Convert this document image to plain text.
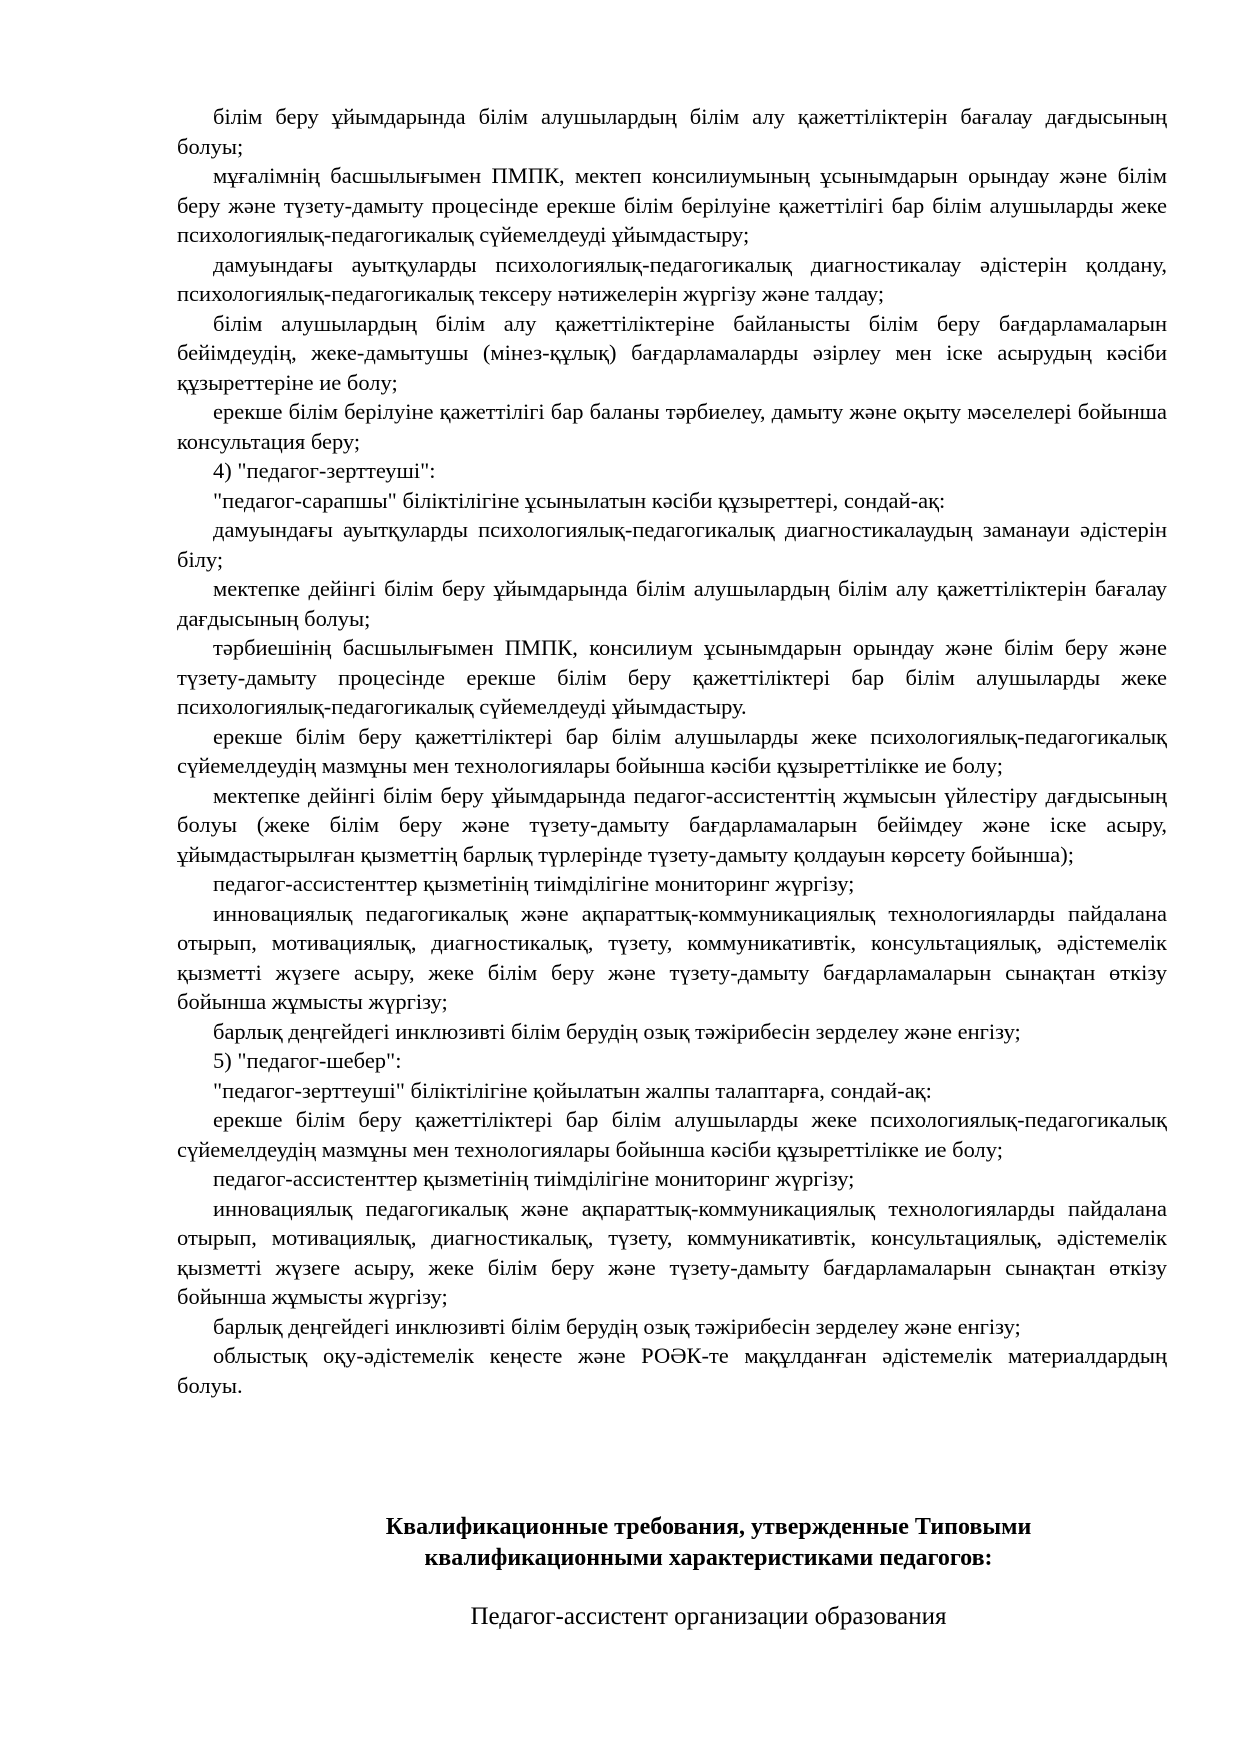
білім беру ұйымдарында білім алушылардың білім алу қажеттіліктерін бағалау дағдысының болуы;

мұғалімнің басшылығымен ПМПК, мектеп консилиумының ұсынымдарын орындау және білім беру және түзету-дамыту процесінде ерекше білім берілуіне қажеттілігі бар білім алушыларды жеке психологиялық-педагогикалық сүйемелдеуді ұйымдастыру;

дамуындағы ауытқуларды психологиялық-педагогикалық диагностикалау әдістерін қолдану, психологиялық-педагогикалық тексеру нәтижелерін жүргізу және талдау;

білім алушылардың білім алу қажеттіліктеріне байланысты білім беру бағдарламаларын бейімдеудің, жеке-дамытушы (мінез-құлық) бағдарламаларды әзірлеу мен іске асырудың кәсіби құзыреттеріне ие болу;

ерекше білім берілуіне қажеттілігі бар баланы тәрбиелеу, дамыту және оқыту мәселелері бойынша консультация беру;

4) "педагог-зерттеуші":

"педагог-сарапшы" біліктілігіне ұсынылатын кәсіби құзыреттері, сондай-ақ:

дамуындағы ауытқуларды психологиялық-педагогикалық диагностикалаудың заманауи әдістерін білу;

мектепке дейінгі білім беру ұйымдарында білім алушылардың білім алу қажеттіліктерін бағалау дағдысының болуы;

тәрбиешінің басшылығымен ПМПК, консилиум ұсынымдарын орындау және білім беру және түзету-дамыту процесінде ерекше білім беру қажеттіліктері бар білім алушыларды жеке психологиялық-педагогикалық сүйемелдеуді ұйымдастыру.

ерекше білім беру қажеттіліктері бар білім алушыларды жеке психологиялық-педагогикалық сүйемелдеудің мазмұны мен технологиялары бойынша кәсіби құзыреттілікке ие болу;

мектепке дейінгі білім беру ұйымдарында педагог-ассистенттің жұмысын үйлестіру дағдысының болуы (жеке білім беру және түзету-дамыту бағдарламаларын бейімдеу және іске асыру, ұйымдастырылған қызметтің барлық түрлерінде түзету-дамыту қолдауын көрсету бойынша);

педагог-ассистенттер қызметінің тиімділігіне мониторинг жүргізу;

инновациялық педагогикалық және ақпараттық-коммуникациялық технологияларды пайдалана отырып, мотивациялық, диагностикалық, түзету, коммуникативтік, консультациялық, әдістемелік қызметті жүзеге асыру, жеке білім беру және түзету-дамыту бағдарламаларын сынақтан өткізу бойынша жұмысты жүргізу;

барлық деңгейдегі инклюзивті білім берудің озық тәжірибесін зерделеу және енгізу;

5) "педагог-шебер":

"педагог-зерттеуші" біліктілігіне қойылатын жалпы талаптарға, сондай-ақ:

ерекше білім беру қажеттіліктері бар білім алушыларды жеке психологиялық-педагогикалық сүйемелдеудің мазмұны мен технологиялары бойынша кәсіби құзыреттілікке ие болу;

педагог-ассистенттер қызметінің тиімділігіне мониторинг жүргізу;

инновациялық педагогикалық және ақпараттық-коммуникациялық технологияларды пайдалана отырып, мотивациялық, диагностикалық, түзету, коммуникативтік, консультациялық, әдістемелік қызметті жүзеге асыру, жеке білім беру және түзету-дамыту бағдарламаларын сынақтан өткізу бойынша жұмысты жүргізу;

барлық деңгейдегі инклюзивті білім берудің озық тәжірибесін зерделеу және енгізу;

облыстық оқу-әдістемелік кеңесте және РОӘК-те мақұлданған әдістемелік материалдардың болуы.

Квалификационные требования, утвержденные Типовыми
квалификационными характеристиками педагогов:
Педагог-ассистент организации образования
